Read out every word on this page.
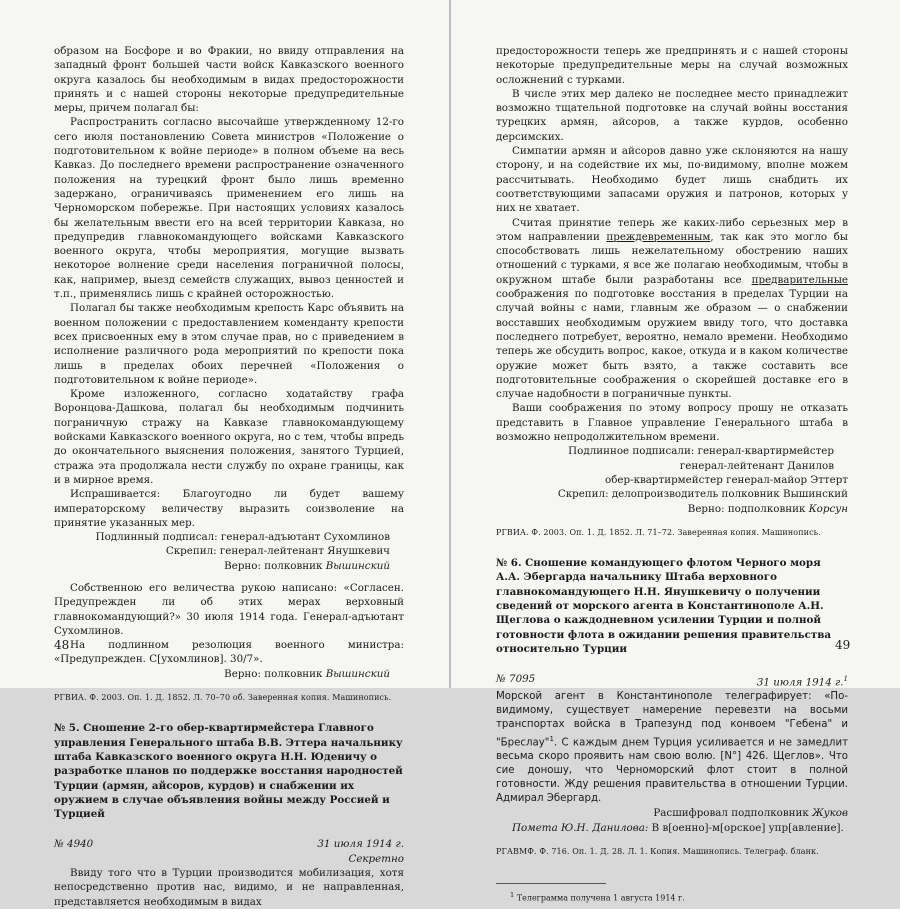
образом на Босфоре и во Фракии, но ввиду отправления на западный фронт большей части войск Кавказского военного округа казалось бы необходимым в видах предосторожности принять и с нашей стороны некоторые предупредительные меры, причем полагал бы:

Распространить согласно высочайше утвержденному 12-го сего июля постановлению Совета министров «Положение о подготовительном к войне периоде» в полном объеме на весь Кавказ. До последнего времени распространение означенного положения на турецкий фронт было лишь временно задержано, ограничиваясь применением его лишь на Черноморском побережье. При настоящих условиях казалось бы желательным ввести его на всей территории Кавказа, но предупредив главнокомандующего войсками Кавказского военного округа, чтобы мероприятия, могущие вызвать некоторое волнение среди населения пограничной полосы, как, например, выезд семейств служащих, вывоз ценностей и т.п., применялись лишь с крайней осторожностью.

Полагал бы также необходимым крепость Карс объявить на военном положении с предоставлением коменданту крепости всех присвоенных ему в этом случае прав, но с приведением в исполнение различного рода мероприятий по крепости пока лишь в пределах обоих перечней «Положения о подготовительном к войне периоде».

Кроме изложенного, согласно ходатайству графа Воронцова-Дашкова, полагал бы необходимым подчинить пограничную стражу на Кавказе главнокомандующему войсками Кавказского военного округа, но с тем, чтобы впредь до окончательного выяснения положения, занятого Турцией, стража эта продолжала нести службу по охране границы, как и в мирное время.

Испрашивается: Благоугодно ли будет вашему императорскому величеству выразить соизволение на принятие указанных мер.

Подлинный подписал: генерал-адъютант Сухомлинов

Скрепил: генерал-лейтенант Янушкевич

Верно: полковник Вышинский

Собственною его величества рукою написано: «Согласен. Предупрежден ли об этих мерах верховный главнокомандующий?» 30 июля 1914 года. Генерал-адъютант Сухомлинов.

На подлинном резолюция военного министра: «Предупрежден. С[ухомлинов]. 30/7».

Верно: полковник Вышинский

РГВИА. Ф. 2003. Оп. 1. Д. 1852. Л. 70–70 об. Заверенная копия. Машинопись.

№ 5. Сношение 2-го обер-квартирмейстера Главного управления Генерального штаба В.В. Эттера начальнику штаба Кавказского военного округа Н.Н. Юденичу о разработке планов по поддержке восстания народностей Турции (армян, айсоров, курдов) и снабжении их оружием в случае объявления войны между Россией и Турцией

№ 4940	31 июля 1914 г.

Секретно

Ввиду того что в Турции производится мобилизация, хотя непосредственно против нас, видимо, и не направленная, представляется необходимым в видах

48

предосторожности теперь же предпринять и с нашей стороны некоторые предупредительные меры на случай возможных осложнений с турками.

В числе этих мер далеко не последнее место принадлежит возможно тщательной подготовке на случай войны восстания турецких армян, айсоров, а также курдов, особенно дерсимских.

Симпатии армян и айсоров давно уже склоняются на нашу сторону, и на содействие их мы, по-видимому, вполне можем рассчитывать. Необходимо будет лишь снабдить их соответствующими запасами оружия и патронов, которых у них не хватает.

Считая принятие теперь же каких-либо серьезных мер в этом направлении преждевременным, так как это могло бы способствовать лишь нежелательному обострению наших отношений с турками, я все же полагаю необходимым, чтобы в окружном штабе были разработаны все предварительные соображения по подготовке восстания в пределах Турции на случай войны с нами, главным же образом — о снабжении восставших необходимым оружием ввиду того, что доставка последнего потребует, вероятно, немало времени. Необходимо теперь же обсудить вопрос, какое, откуда и в каком количестве оружие может быть взято, а также составить все подготовительные соображения о скорейшей доставке его в случае надобности в пограничные пункты.

Ваши соображения по этому вопросу прошу не отказать представить в Главное управление Генерального штаба в возможно непродолжительном времени.

Подлинное подписали: генерал-квартирмейстер

генерал-лейтенант Данилов

обер-квартирмейстер генерал-майор Эттерт

Скрепил: делопроизводитель полковник Вышинский

Верно: подполковник Корсун

РГВИА. Ф. 2003. Оп. 1. Д. 1852. Л. 71–72. Заверенная копия. Машинопись.

№ 6. Сношение командующего флотом Черного моря А.А. Эбергарда начальнику Штаба верховного главнокомандующего Н.Н. Янушкевичу о получении сведений от морского агента в Константинополе А.Н. Щеглова о каждодневном усилении Турции и полной готовности флота в ожидании решения правительства относительно Турции

№ 7095	31 июля 1914 г.$^1$

Морской агент в Константинополе телеграфирует: «По-видимому, существует намерение перевезти на восьми транспортах войска в Трапезунд под конвоем "Гебена" и "Бреслау"$^1$. С каждым днем Турция усиливается и не замедлит весьма скоро проявить нам свою волю. [N°] 426. Щеглов». Что сие доношу, что Черноморский флот стоит в полной готовности. Жду решения правительства в отношении Турции. Адмирал Эбергард.

Расшифровал подполковник Жуков

Пометa Ю.Н. Данилова: В в[оенно]-м[орское] упр[авление].

РГАВМФ. Ф. 716. Оп. 1. Д. 28. Л. 1. Копия. Машинопись. Телеграф. бланк.

$^1$ Телеграмма получена 1 августа 1914 г.

49
